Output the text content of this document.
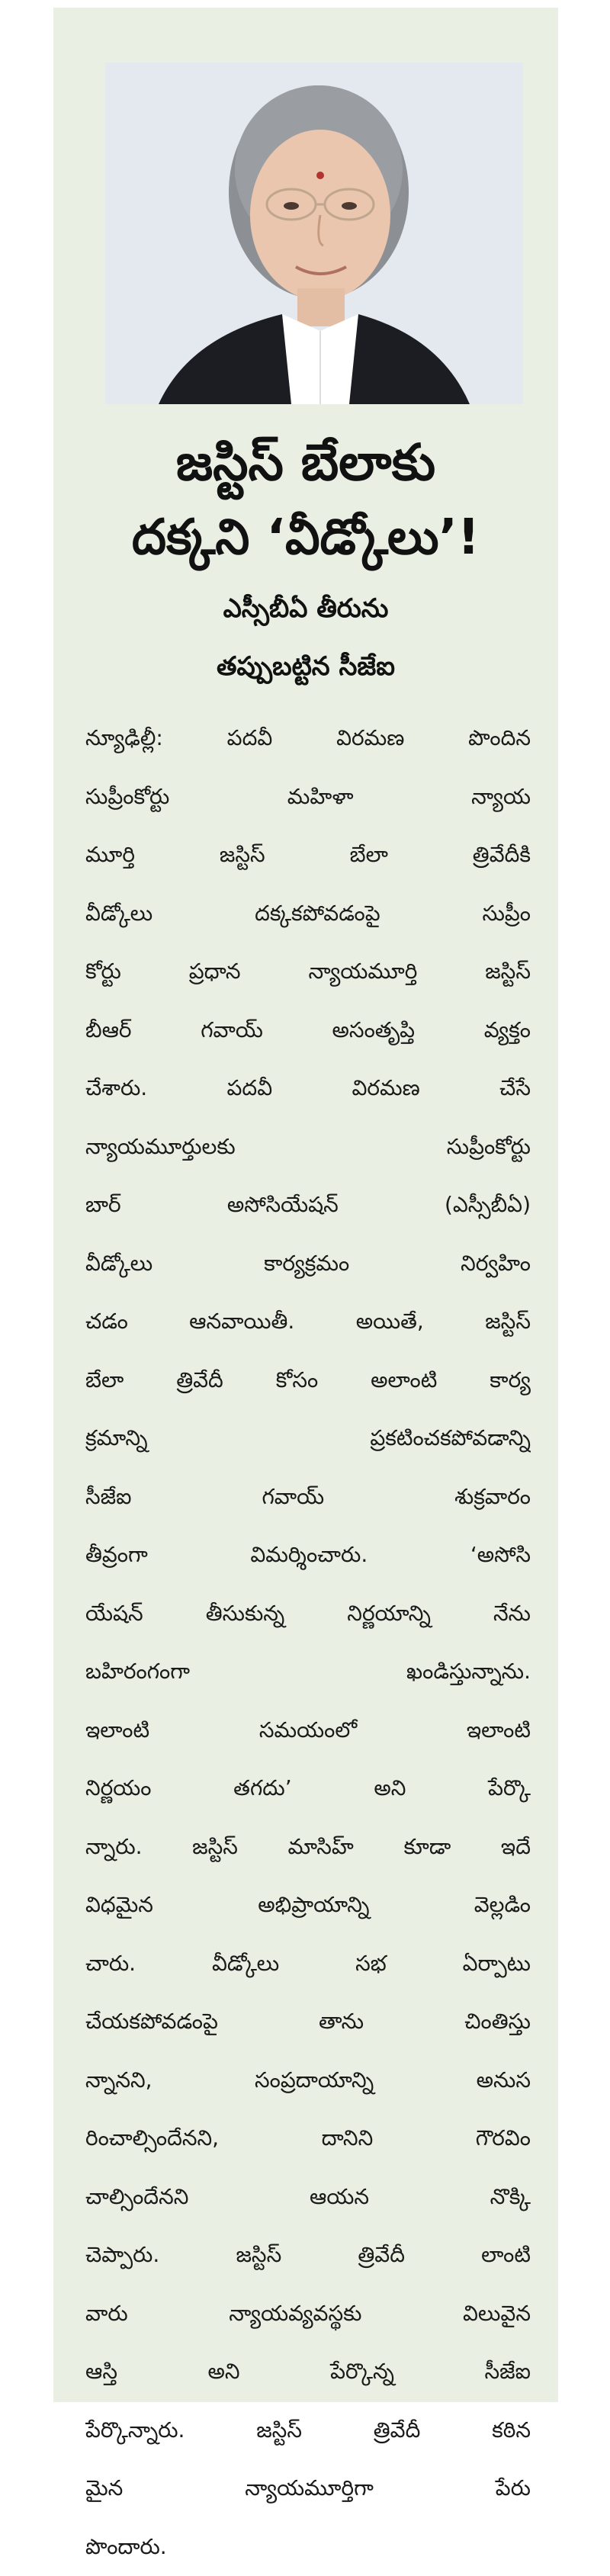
జస్టిస్ బేలాకు
దక్కని ‘వీడ్కోలు’!
ఎస్సీబీఏ తీరును
తప్పుబట్టిన సీజేఐ
న్యూఢిల్లీ: పదవీ విరమణ పొందిన
సుప్రీంకోర్టు మహిళా న్యాయ
మూర్తి జస్టిస్ బేలా త్రివేదీకి
వీడ్కోలు దక్కకపోవడంపై సుప్రీం
కోర్టు ప్రధాన న్యాయమూర్తి జస్టిస్
బీఆర్ గవాయ్ అసంతృప్తి వ్యక్తం
చేశారు. పదవీ విరమణ చేసే
న్యాయమూర్తులకు సుప్రీంకోర్టు
బార్ అసోసియేషన్ (ఎస్సీబీఏ)
వీడ్కోలు కార్యక్రమం నిర్వహిం
చడం ఆనవాయితీ. అయితే, జస్టిస్
బేలా త్రివేదీ కోసం అలాంటి కార్య
క్రమాన్ని ప్రకటించకపోవడాన్ని
సీజేఐ గవాయ్ శుక్రవారం
తీవ్రంగా విమర్శించారు. ‘అసోసి
యేషన్ తీసుకున్న నిర్ణయాన్ని నేను
బహిరంగంగా ఖండిస్తున్నాను.
ఇలాంటి సమయంలో ఇలాంటి
నిర్ణయం తగదు’ అని పేర్కొ
న్నారు. జస్టిస్ మాసిహ్ కూడా ఇదే
విధమైన అభిప్రాయాన్ని వెల్లడిం
చారు. వీడ్కోలు సభ ఏర్పాటు
చేయకపోవడంపై తాను చింతిస్తు
న్నానని, సంప్రదాయాన్ని అనుస
రించాల్సిందేనని, దానిని గౌరవిం
చాల్సిందేనని ఆయన నొక్కి
చెప్పారు. జస్టిస్ త్రివేదీ లాంటి
వారు న్యాయవ్యవస్థకు విలువైన
ఆస్తి అని పేర్కొన్న సీజేఐ
పేర్కొన్నారు. జస్టిస్ త్రివేదీ కఠిన
మైన న్యాయమూర్తిగా పేరు
పొందారు.
